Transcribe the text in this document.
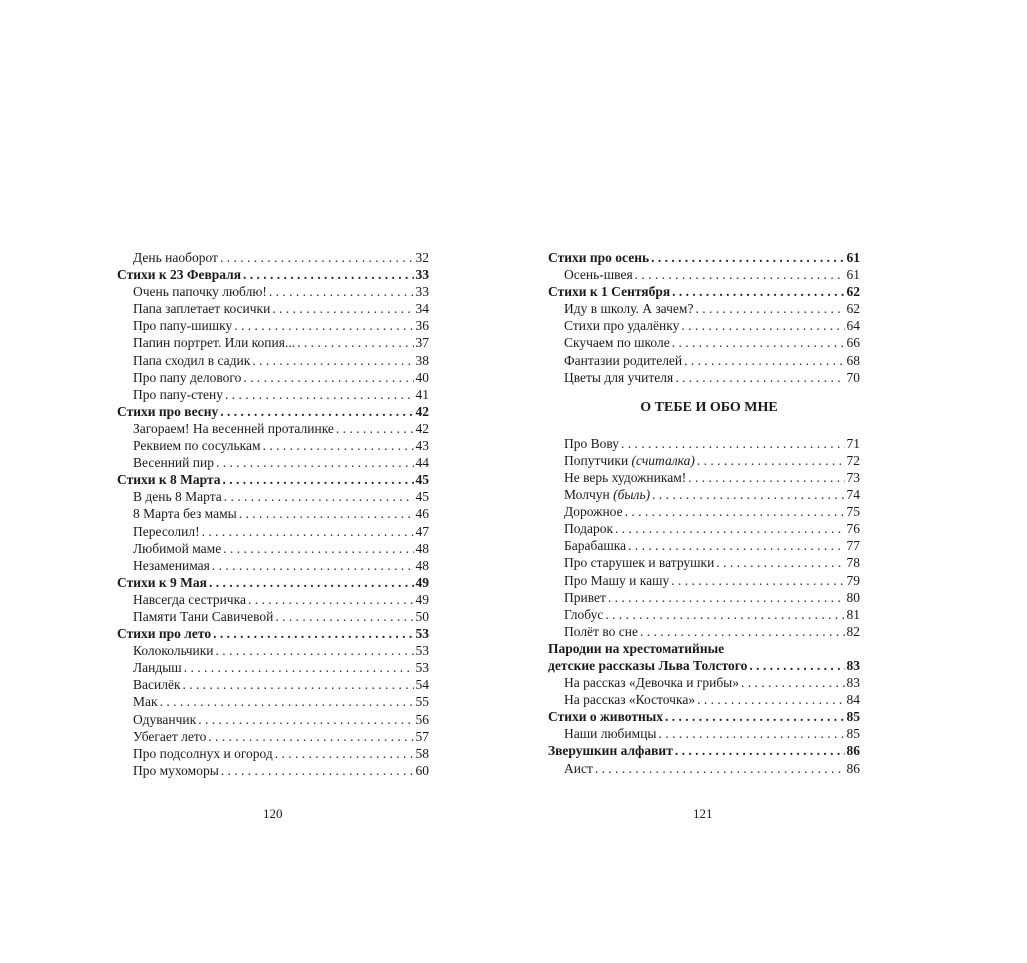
День наоборот . . .	32
Стихи к 23 Февраля . . .	33
Очень папочку люблю! . . .	33
Папа заплетает косички . . .	34
Про папу-шишку . . .	36
Папин портрет. Или копия... . . .	37
Папа сходил в садик . . .	38
Про папу делового . . .	40
Про папу-стену . . .	41
Стихи про весну . . .	42
Загораем! На весенней проталинке . . .	42
Реквием по сосулькам . . .	43
Весенний пир . . .	44
Стихи к 8 Марта . . .	45
В день 8 Марта . . .	45
8 Марта без мамы . . .	46
Пересолил! . . .	47
Любимой маме . . .	48
Незаменимая . . .	48
Стихи к 9 Мая . . .	49
Навсегда сестричка . . .	49
Памяти Тани Савичевой . . .	50
Стихи про лето . . .	53
Колокольчики . . .	53
Ландыш . . .	53
Василёк . . .	54
Мак . . .	55
Одуванчик . . .	56
Убегает лето . . .	57
Про подсолнух и огород . . .	58
Про мухоморы . . .	60
Стихи про осень . . .	61
Осень-швея . . .	61
Стихи к 1 Сентября . . .	62
Иду в школу. А зачем? . . .	62
Стихи про удалёнку . . .	64
Скучаем по школе . . .	66
Фантазии родителей . . .	68
Цветы для учителя . . .	70
О ТЕБЕ И ОБО МНЕ
Про Вову . . .	71
Попутчики (считалка) . . .	72
Не верь художникам! . . .	73
Молчун (быль) . . .	74
Дорожное . . .	75
Подарок . . .	76
Барабашка . . .	77
Про старушек и ватрушки . . .	78
Про Машу и кашу . . .	79
Привет . . .	80
Глобус . . .	81
Полёт во сне . . .	82
Пародии на хрестоматийные
детские рассказы Льва Толстого . . .	83
На рассказ «Девочка и грибы» . . .	83
На рассказ «Косточка» . . .	84
Стихи о животных . . .	85
Наши любимцы . . .	85
Зверушкин алфавит . . .	86
Аист . . .	86
120	121
